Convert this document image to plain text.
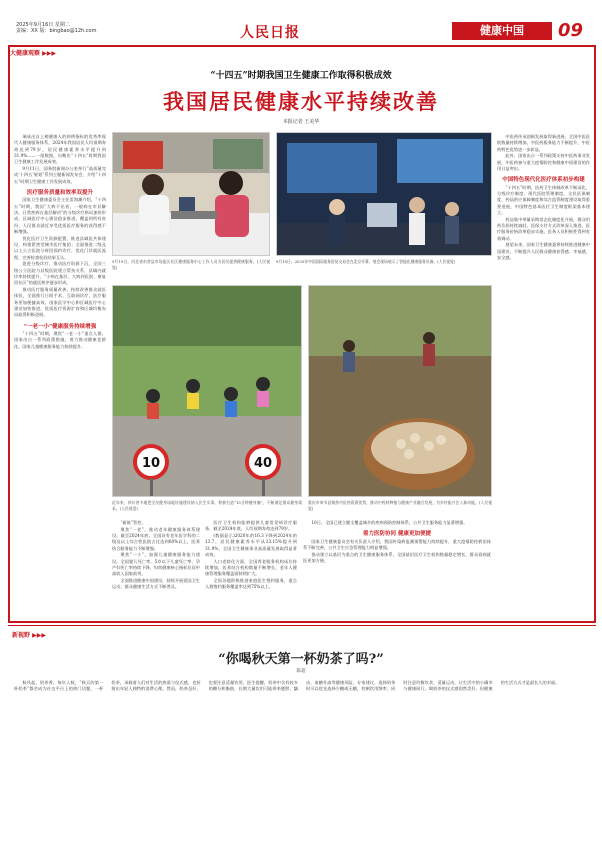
2025年9月16日 星期二
责编：XX 版：bingbao@12h.com	人民日报	健康中国	09
大健康观察 ▶▶▶
“十四五”时期我国卫生健康工作取得积极成效
我国居民健康水平持续改善
本报记者 王美华

瑞成出自上榜健康人的病例指标的优秀率现代人健康服务体系，2024年我国居民人均预期寿命达到79岁，居民健康素养水平提升到31.9%……一组数据，勾勒出“十四五”时期我国卫生健康工作发展成效。

9月11日，国务院新闻办公室举行“高质量完成‘十四五’规划”系列主题新闻发布会，介绍“十四五”时期卫生健康工作发展成效。

医疗服务质量和效率双提升

国家卫生健康委员会主任雷海潮介绍，“十四五”时期，我国“大病不出省，一般病在市县解决，日常疾病在基层解决”的分级诊疗格局加快形成。区域医疗中心建设稳步推进，覆盖到所有省份，人民群众就近享受优质医疗服务的获得感不断增强。

优化医疗卫生资源配置，推进县域医共体建设，构建紧密型城市医疗集团；全面推进二级及以上公立医院分时段预约诊疗，优化门诊就医流程，完善检查检验结果互认。

促进分级诊疗，推动医疗资源下沉，全国三级公立医院与县级医院建立帮扶关系，县域内就诊率持续提升，“小病在基层、大病到医院、康复回社区”的就医秩序逐步形成。

推动医疗服务质量改善，持续改善群众就医体验，全面推行日间手术、互联网诊疗，医疗服务更加便捷高效。国家医学中心和区域医疗中心建设加快推进，优质医疗资源扩容和区域均衡布局取得积极进展。

“一老一小”健康服务持续增强

“十四五”时期，聚焦“一老一小”重点人群，国家出台一系列政策措施，着力推动健康老龄化。国家儿童健康服务能力持续提升。

9月19日，河北省东营县市场监区社区健康服务中心工作人员为居民提供健康服务。(人民视觉)
9月10日，2025年中国国际服务贸易交易会在北京开幕，展会现场展示了智能化健康服务设备。(人民视觉)

中医药传承创新发展取得新进展。全国中医医院数量持续增加，中医药服务能力不断提升，中医药特色优势进一步彰显。

此外，国家出台一系列政策支持中医药事业发展，中医药参与重大疫情防控和健康中国建设的作用日益突出。

中国特色现代化医疗体系初步构建

“十四五”时期，医药卫生体制改革不断深化，分级诊疗制度、现代医院管理制度、全民医保制度、药品供应保障制度和综合监管制度建设取得重要进展，中国特色基本医疗卫生制度框架基本建立。

药品集中带量采购常态化制度化开展，群众用药负担持续减轻。医保支付方式改革深入推进，医疗服务价格改革稳步实施，医务人员积极性得到有效调动。

展望未来，国家卫生健康委将持续推进健康中国建设，不断提升人民群众健康获得感、幸福感、安全感。

10	40
近年来，四川省多地把全民健身场地设施建设纳入民生实事，积极打造“15分钟健身圈”，不断满足群众健身需求。(人民视觉)
重庆市奉节县聚焦中医药资源优势，推动中药材种植与健康产业融合发展，为乡村振兴注入新动能。(人民视觉)

“新陈”管控。

聚焦“一老”，推动老年健康服务体系建设。截至2024年底，全国设有老年医学科的二级及以上综合性医院占比达到60%以上，医养结合服务能力不断增强。

聚焦“一小”，加强儿童健康服务能力建设。全国婴儿死亡率、5岁以下儿童死亡率、孕产妇死亡率持续下降，妇幼健康核心指标位居中高收入国家前列。

全面推进健康中国建设，持续开展爱国卫生运动，群众健康生活方式不断普及。

医疗卫生机构能够提供儿童常见病诊疗服务，截至2024年底，人均预期寿命达到79岁。

(数据显示)2020年的16.3下降到2024年的13.7，居民健康素养水平从23.15%提升到31.9%，全国卫生健康事业高质量发展取得显著成效。

人口老龄化方面，全国养老服务机构床位持续增加，医养结合机构数量不断增长，老年人健康管理服务覆盖面持续扩大。

全国各地积极推进家庭医生签约服务，重点人群签约服务覆盖率达到75%以上。

10日，全国已建立健全覆盖城乡的疾病预防控制体系，公共卫生服务能力显著增强。

着力医防协同 健康更加便捷

国家卫生健康委员会有关负责人介绍，我国传染病监测预警能力持续提升，重大疫情防控救治体系不断完善，公共卫生应急管理能力明显增强。

推动建立以基层为重点的卫生健康服务体系，全国基层医疗卫生机构数量稳定增长，群众看病就医更加方便。

新视野 ▶▶▶
“你喝秋天第一杯奶茶了吗?”
陈超

秋风起，奶茶香。每年入秋，“秋天的第一杯奶茶”都会成为社交平台上的热门话题。一杯奶茶，承载着人们对生活的热爱与仪式感，也折射出年轻人独特的消费心理。然而，奶茶虽好，也要注意适量饮用。医生提醒，奶茶中含有较多的糖分和脂肪，长期大量饮用可能带来肥胖、龋齿、血糖升高等健康风险。专家建议，选择奶茶时可以优先选择少糖或无糖，控制饮用频率，同时注意均衡饮食、适量运动，让生活中的小确幸与健康同行。喝奶茶的仪式感固然美好，但健康的生活方式才是最长久的幸福。
